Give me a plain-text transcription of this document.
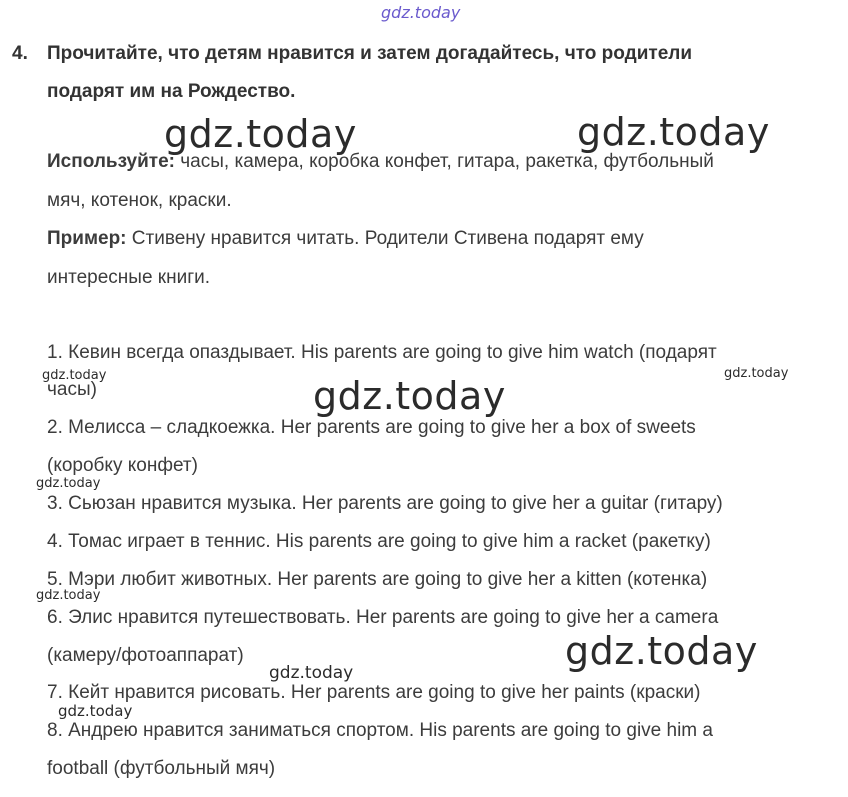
gdz.today
gdz.today	gdz.today
gdz.today
gdz.today
gdz.today	gdz.today
gdz.today
gdz.today
gdz.today
gdz.today
4. Прочитайте, что детям нравится и затем догадайтесь, что родители
подарят им на Рождество.
Используйте: часы, камера, коробка конфет, гитара, ракетка, футбольный
мяч, котенок, краски.
Пример: Стивену нравится читать. Родители Стивена подарят ему
интересные книги.
1. Кевин всегда опаздывает. His parents are going to give him watch (подарят
часы)
2. Мелисса – сладкоежка. Her parents are going to give her a box of sweets
(коробку конфет)
3. Сьюзан нравится музыка. Her parents are going to give her a guitar (гитару)
4. Томас играет в теннис. His parents are going to give him a racket (ракетку)
5. Мэри любит животных. Her parents are going to give her a kitten (котенка)
6. Элис нравится путешествовать. Her parents are going to give her a camera
(камеру/фотоаппарат)
7. Кейт нравится рисовать. Her parents are going to give her paints (краски)
8. Андрею нравится заниматься спортом. His parents are going to give him a
football (футбольный мяч)
